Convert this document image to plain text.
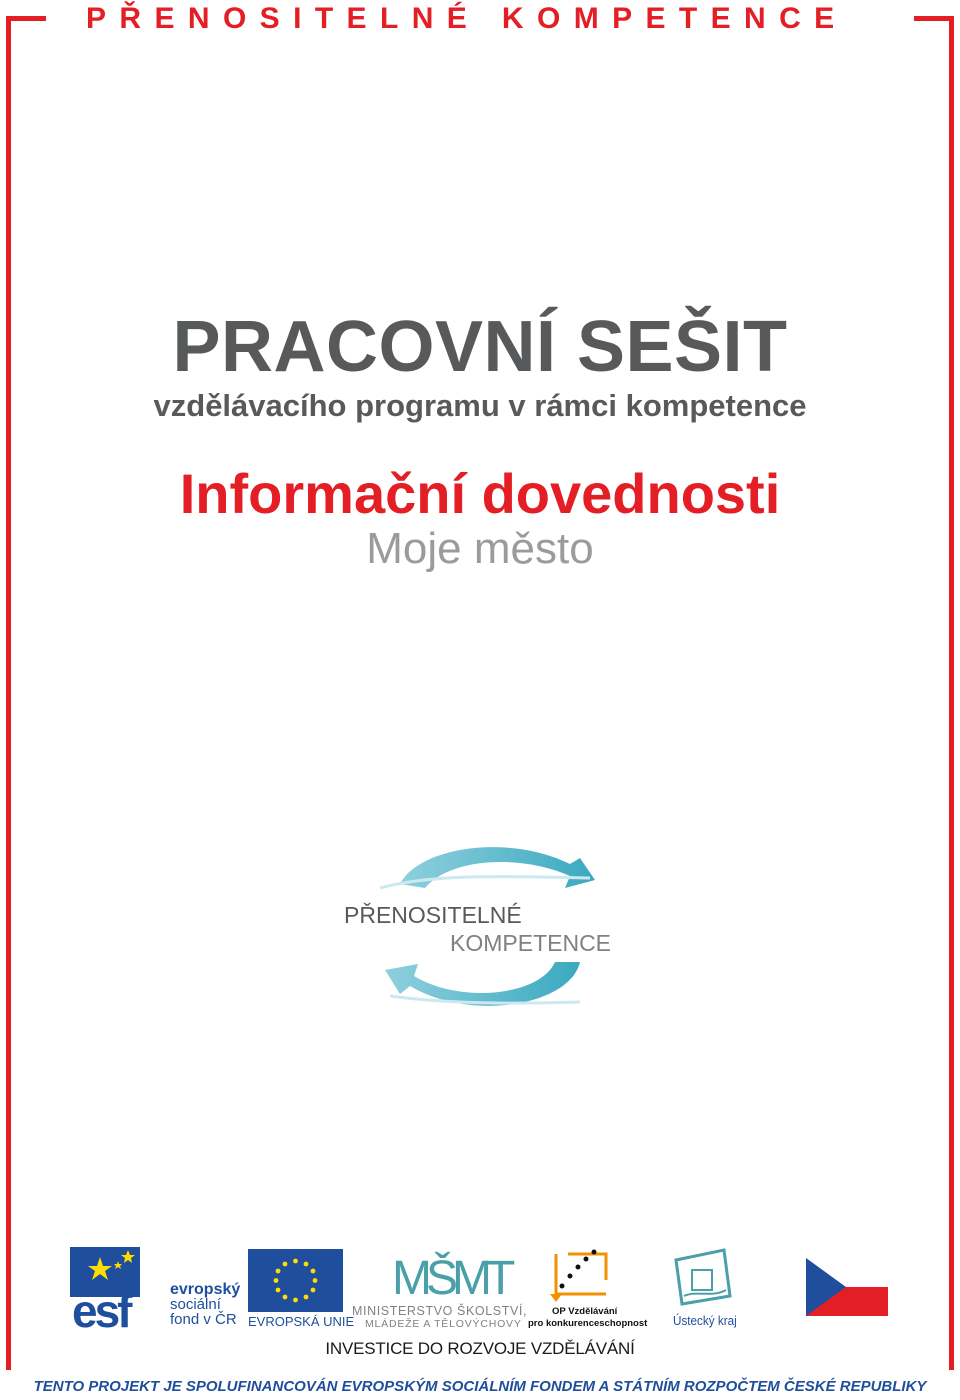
PŘENOSITELNÉ KOMPETENCE
PRACOVNÍ SEŠIT
vzdělávacího programu v rámci kompetence
Informační dovednosti
Moje město
PŘENOSITELNÉ
KOMPETENCE
esf	evropský
sociální
fond v ČR EVROPSKÁ UNIE
MŠMT
MINISTERSTVO ŠKOLSTVÍ,
MLÁDEŽE A TĚLOVÝCHOVY
OP Vzdělávání
pro konkurenceschopnost Ústecký kraj
INVESTICE DO ROZVOJE VZDĚLÁVÁNÍ
TENTO PROJEKT JE SPOLUFINANCOVÁN EVROPSKÝM SOCIÁLNÍM FONDEM A STÁTNÍM ROZPOČTEM ČESKÉ REPUBLIKY
